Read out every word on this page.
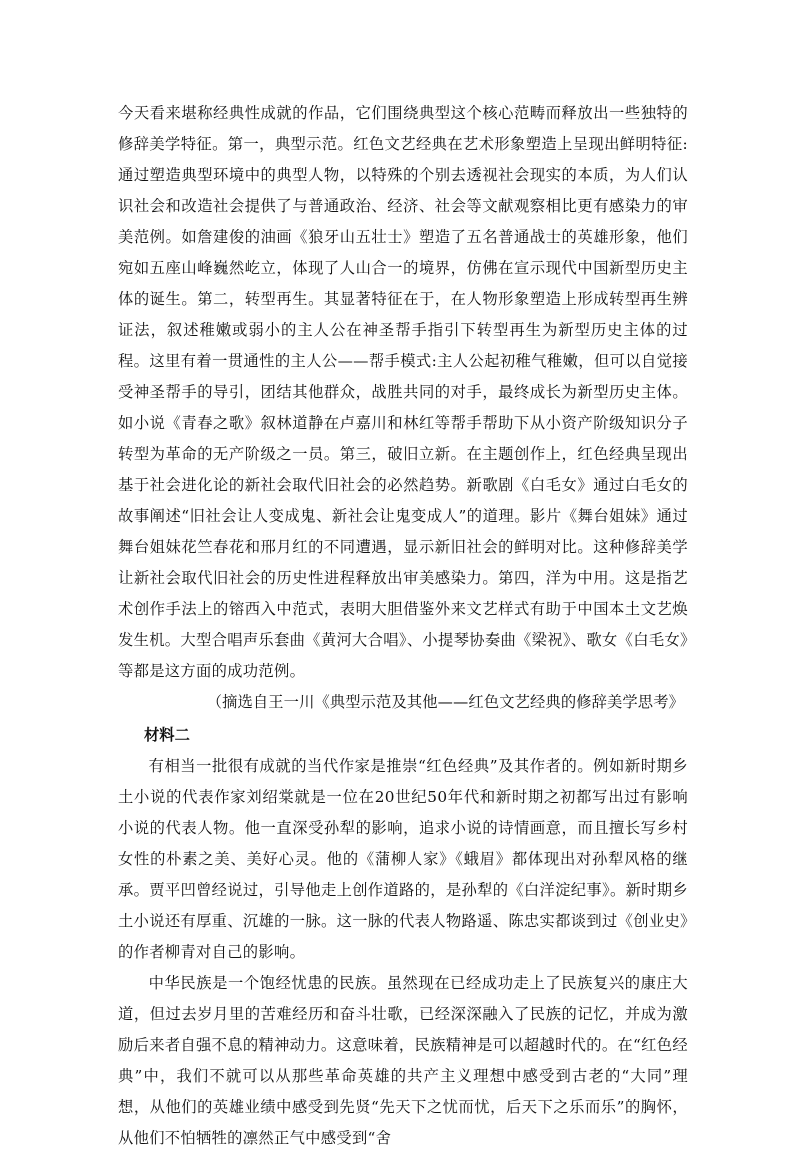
今天看来堪称经典性成就的作品，它们围绕典型这个核心范畴而释放出一些独特的修辞美学特征。第一，典型示范。红色文艺经典在艺术形象塑造上呈现出鲜明特征:通过塑造典型环境中的典型人物，以特殊的个别去透视社会现实的本质，为人们认识社会和改造社会提供了与普通政治、经济、社会等文献观察相比更有感染力的审美范例。如詹建俊的油画《狼牙山五壮士》塑造了五名普通战士的英雄形象，他们宛如五座山峰巍然屹立，体现了人山合一的境界，仿佛在宣示现代中国新型历史主体的诞生。第二，转型再生。其显著特征在于，在人物形象塑造上形成转型再生辨证法，叙述稚嫩或弱小的主人公在神圣帮手指引下转型再生为新型历史主体的过程。这里有着一贯通性的主人公——帮手模式:主人公起初稚气稚嫩，但可以自觉接受神圣帮手的导引，团结其他群众，战胜共同的对手，最终成长为新型历史主体。如小说《青春之歌》叙林道静在卢嘉川和林红等帮手帮助下从小资产阶级知识分子转型为革命的无产阶级之一员。第三，破旧立新。在主题创作上，红色经典呈现出基于社会进化论的新社会取代旧社会的必然趋势。新歌剧《白毛女》通过白毛女的故事阐述“旧社会让人变成鬼、新社会让鬼变成人”的道理。影片《舞台姐妹》通过舞台姐妹花竺春花和邢月红的不同遭遇，显示新旧社会的鲜明对比。这种修辞美学让新社会取代旧社会的历史性进程释放出审美感染力。第四，洋为中用。这是指艺术创作手法上的镕西入中范式，表明大胆借鉴外来文艺样式有助于中国本土文艺焕发生机。大型合唱声乐套曲《黄河大合唱》、小提琴协奏曲《梁祝》、歌女《白毛女》等都是这方面的成功范例。

（摘选自王一川《典型示范及其他——红色文艺经典的修辞美学思考》

材料二

有相当一批很有成就的当代作家是推崇“红色经典”及其作者的。例如新时期乡土小说的代表作家刘绍棠就是一位在20世纪50年代和新时期之初都写出过有影响小说的代表人物。他一直深受孙犁的影响，追求小说的诗情画意，而且擅长写乡村女性的朴素之美、美好心灵。他的《蒲柳人家》《蛾眉》都体现出对孙犁风格的继承。贾平凹曾经说过，引导他走上创作道路的，是孙犁的《白洋淀纪事》。新时期乡土小说还有厚重、沉雄的一脉。这一脉的代表人物路遥、陈忠实都谈到过《创业史》的作者柳青对自己的影响。

中华民族是一个饱经忧患的民族。虽然现在已经成功走上了民族复兴的康庄大道，但过去岁月里的苦难经历和奋斗壮歌，已经深深融入了民族的记忆，并成为激励后来者自强不息的精神动力。这意味着，民族精神是可以超越时代的。在“红色经典”中，我们不就可以从那些革命英雄的共产主义理想中感受到古老的“大同”理想，从他们的英雄业绩中感受到先贤“先天下之忧而忧，后天下之乐而乐”的胸怀，从他们不怕牺牲的凛然正气中感受到“舍
